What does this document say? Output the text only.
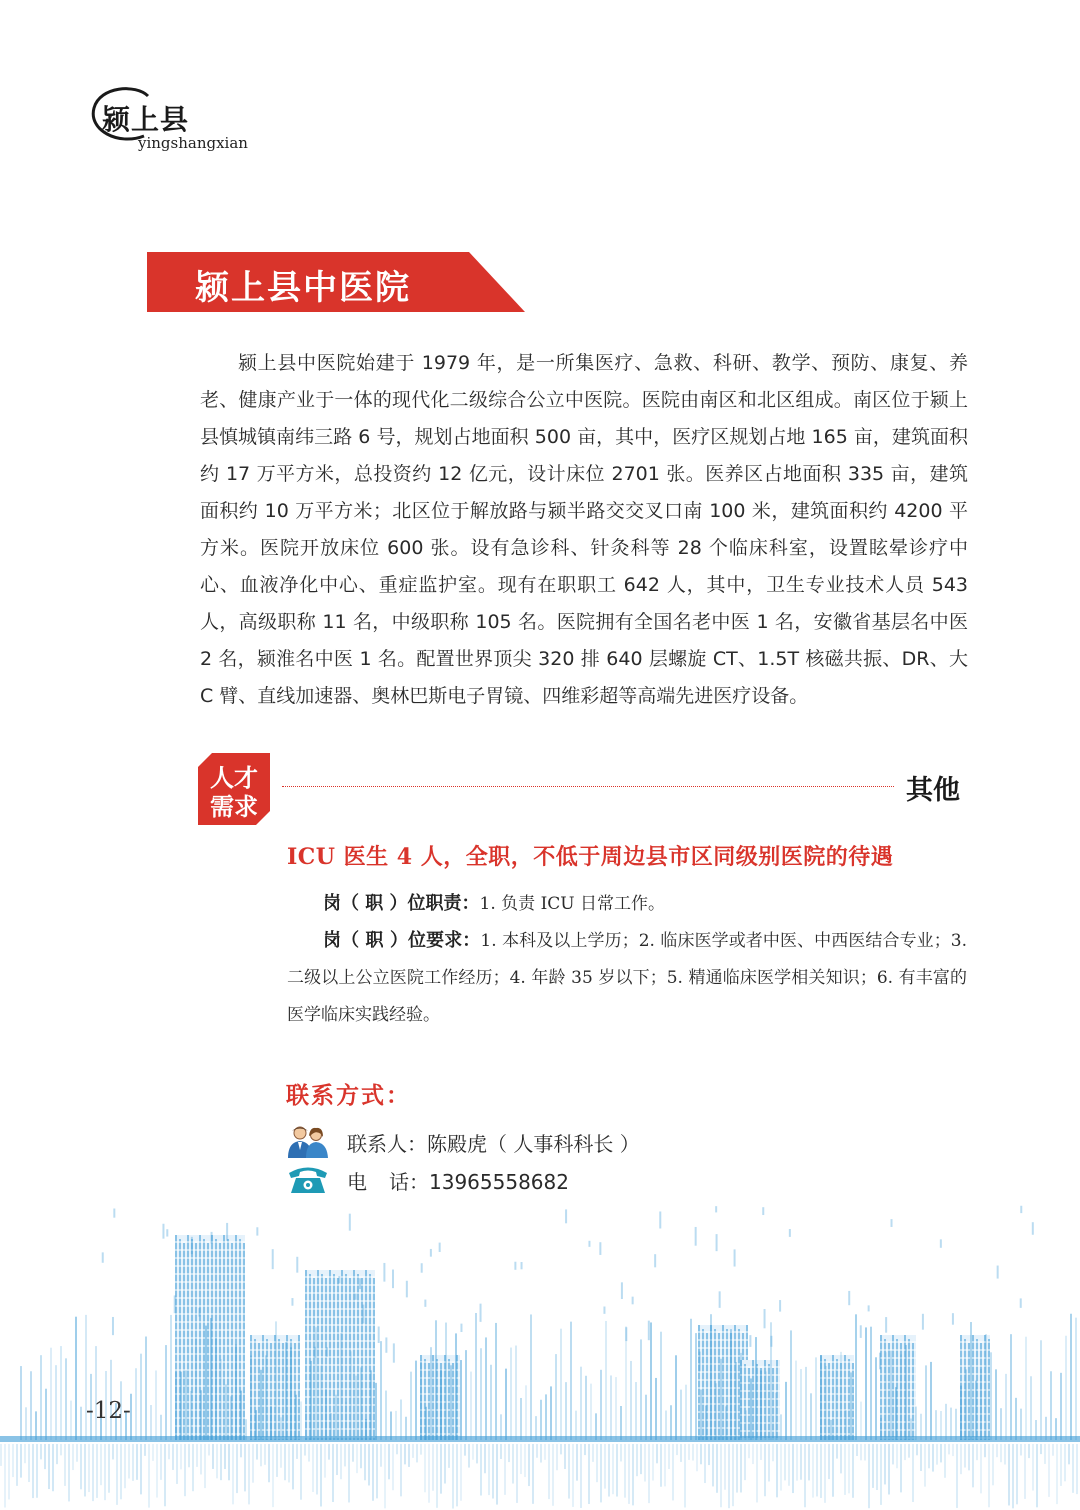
颍上县
yingshangxian
颍上县中医院
颍上县中医院始建于 1979 年，是一所集医疗、急救、科研、教学、预防、康复、养老、健康产业于一体的现代化二级综合公立中医院。医院由南区和北区组成。南区位于颍上县慎城镇南纬三路 6 号，规划占地面积 500 亩，其中，医疗区规划占地 165 亩，建筑面积约 17 万平方米，总投资约 12 亿元，设计床位 2701 张。医养区占地面积 335 亩，建筑面积约 10 万平方米；北区位于解放路与颍半路交交叉口南 100 米，建筑面积约 4200 平方米。医院开放床位 600 张。设有急诊科、针灸科等 28 个临床科室，设置眩晕诊疗中心、血液净化中心、重症监护室。现有在职职工 642 人，其中，卫生专业技术人员 543 人，高级职称 11 名，中级职称 105 名。医院拥有全国名老中医 1 名，安徽省基层名中医 2 名，颍淮名中医 1 名。配置世界顶尖 320 排 640 层螺旋 CT、1.5T 核磁共振、DR、大 C 臂、直线加速器、奥林巴斯电子胃镜、四维彩超等高端先进医疗设备。
人才
需求
其他
ICU 医生 4 人，全职，不低于周边县市区同级别医院的待遇
岗（ 职 ）位职责：1. 负责 ICU 日常工作。
岗（ 职 ）位要求：1. 本科及以上学历；2. 临床医学或者中医、中西医结合专业；3. 二级以上公立医院工作经历；4. 年龄 35 岁以下；5. 精通临床医学相关知识；6. 有丰富的医学临床实践经验。
联系方式：
联系人：陈殿虎（ 人事科科长 ）
电 话：13965558682
-12-
